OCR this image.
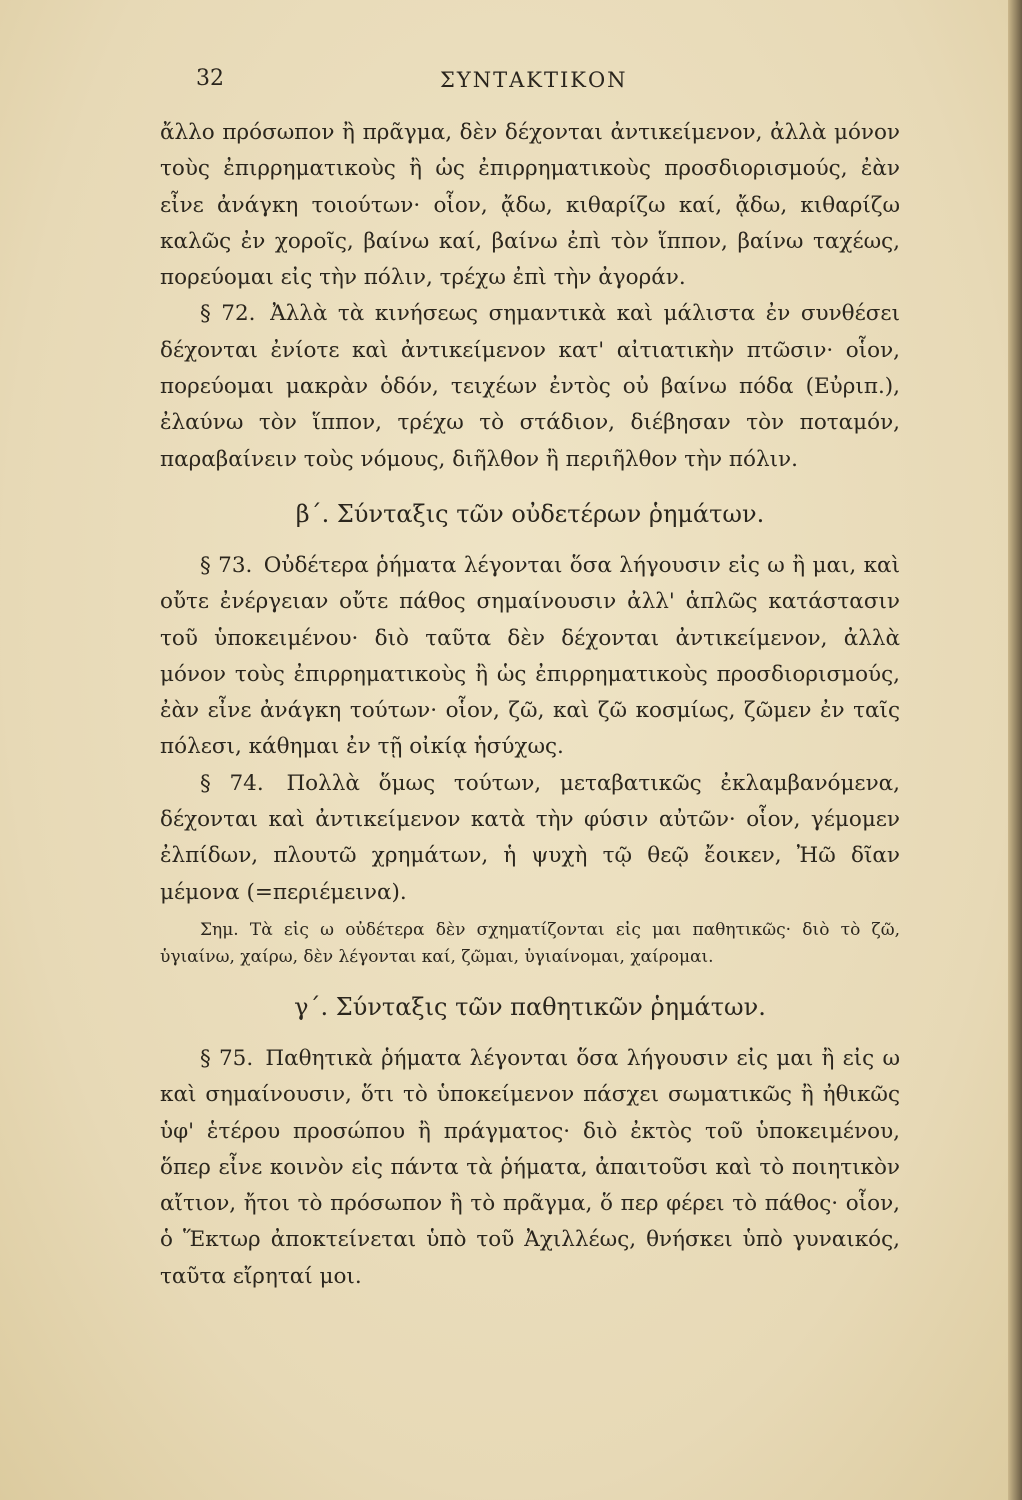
32	ΣΥΝΤΑΚΤΙΚΟΝ

ἄλλο πρόσωπον ἢ πρᾶγμα, δὲν δέχονται ἀντικείμενον, ἀλλὰ μόνον τοὺς ἐπιρρηματικοὺς ἢ ὡς ἐπιρρηματικοὺς προσδιορισμούς, ἐὰν εἶνε ἀνάγκη τοιούτων· οἷον, ᾄδω, κιθαρίζω καί, ᾄδω, κιθαρίζω καλῶς ἐν χοροῖς, βαίνω καί, βαίνω ἐπὶ τὸν ἵππον, βαίνω ταχέως, πορεύομαι εἰς τὴν πόλιν, τρέχω ἐπὶ τὴν ἀγοράν.

§ 72. Ἀλλὰ τὰ κινήσεως σημαντικὰ καὶ μάλιστα ἐν συνθέσει δέχονται ἐνίοτε καὶ ἀντικείμενον κατ' αἰτιατικὴν πτῶσιν· οἷον, πορεύομαι μακρὰν ὁδόν, τειχέων ἐντὸς οὐ βαίνω πόδα (Εὐριπ.), ἐλαύνω τὸν ἵππον, τρέχω τὸ στάδιον, διέβησαν τὸν ποταμόν, παραβαίνειν τοὺς νόμους, διῆλθον ἢ περιῆλθον τὴν πόλιν.

β΄. Σύνταξις τῶν οὐδετέρων ῥημάτων.

§ 73. Οὐδέτερα ῥήματα λέγονται ὅσα λήγουσιν εἰς ω ἢ μαι, καὶ οὔτε ἐνέργειαν οὔτε πάθος σημαίνουσιν ἀλλ' ἁπλῶς κατάστασιν τοῦ ὑποκειμένου· διὸ ταῦτα δὲν δέχονται ἀντικείμενον, ἀλλὰ μόνον τοὺς ἐπιρρηματικοὺς ἢ ὡς ἐπιρρηματικοὺς προσδιορισμούς, ἐὰν εἶνε ἀνάγκη τούτων· οἷον, ζῶ, καὶ ζῶ κοσμίως, ζῶμεν ἐν ταῖς πόλεσι, κάθημαι ἐν τῇ οἰκίᾳ ἡσύχως.

§ 74. Πολλὰ ὅμως τούτων, μεταβατικῶς ἐκλαμβανόμενα, δέχονται καὶ ἀντικείμενον κατὰ τὴν φύσιν αὐτῶν· οἷον, γέμομεν ἐλπίδων, πλουτῶ χρημάτων, ἡ ψυχὴ τῷ θεῷ ἔοικεν, Ἠῶ δῖαν μέμονα (=περιέμεινα).

Σημ. Τὰ εἰς ω οὐδέτερα δὲν σχηματίζονται εἰς μαι παθητικῶς· διὸ τὸ ζῶ, ὑγιαίνω, χαίρω, δὲν λέγονται καί, ζῶμαι, ὑγιαίνομαι, χαίρομαι.

γ΄. Σύνταξις τῶν παθητικῶν ῥημάτων.

§ 75. Παθητικὰ ῥήματα λέγονται ὅσα λήγουσιν εἰς μαι ἢ εἰς ω καὶ σημαίνουσιν, ὅτι τὸ ὑποκείμενον πάσχει σωματικῶς ἢ ἠθικῶς ὑφ' ἑτέρου προσώπου ἢ πράγματος· διὸ ἐκτὸς τοῦ ὑποκειμένου, ὅπερ εἶνε κοινὸν εἰς πάντα τὰ ῥήματα, ἀπαιτοῦσι καὶ τὸ ποιητικὸν αἴτιον, ἤτοι τὸ πρόσωπον ἢ τὸ πρᾶγμα, ὅ περ φέρει τὸ πάθος· οἷον, ὁ Ἕκτωρ ἀποκτείνεται ὑπὸ τοῦ Ἀχιλλέως, θνήσκει ὑπὸ γυναικός, ταῦτα εἴρηταί μοι.
